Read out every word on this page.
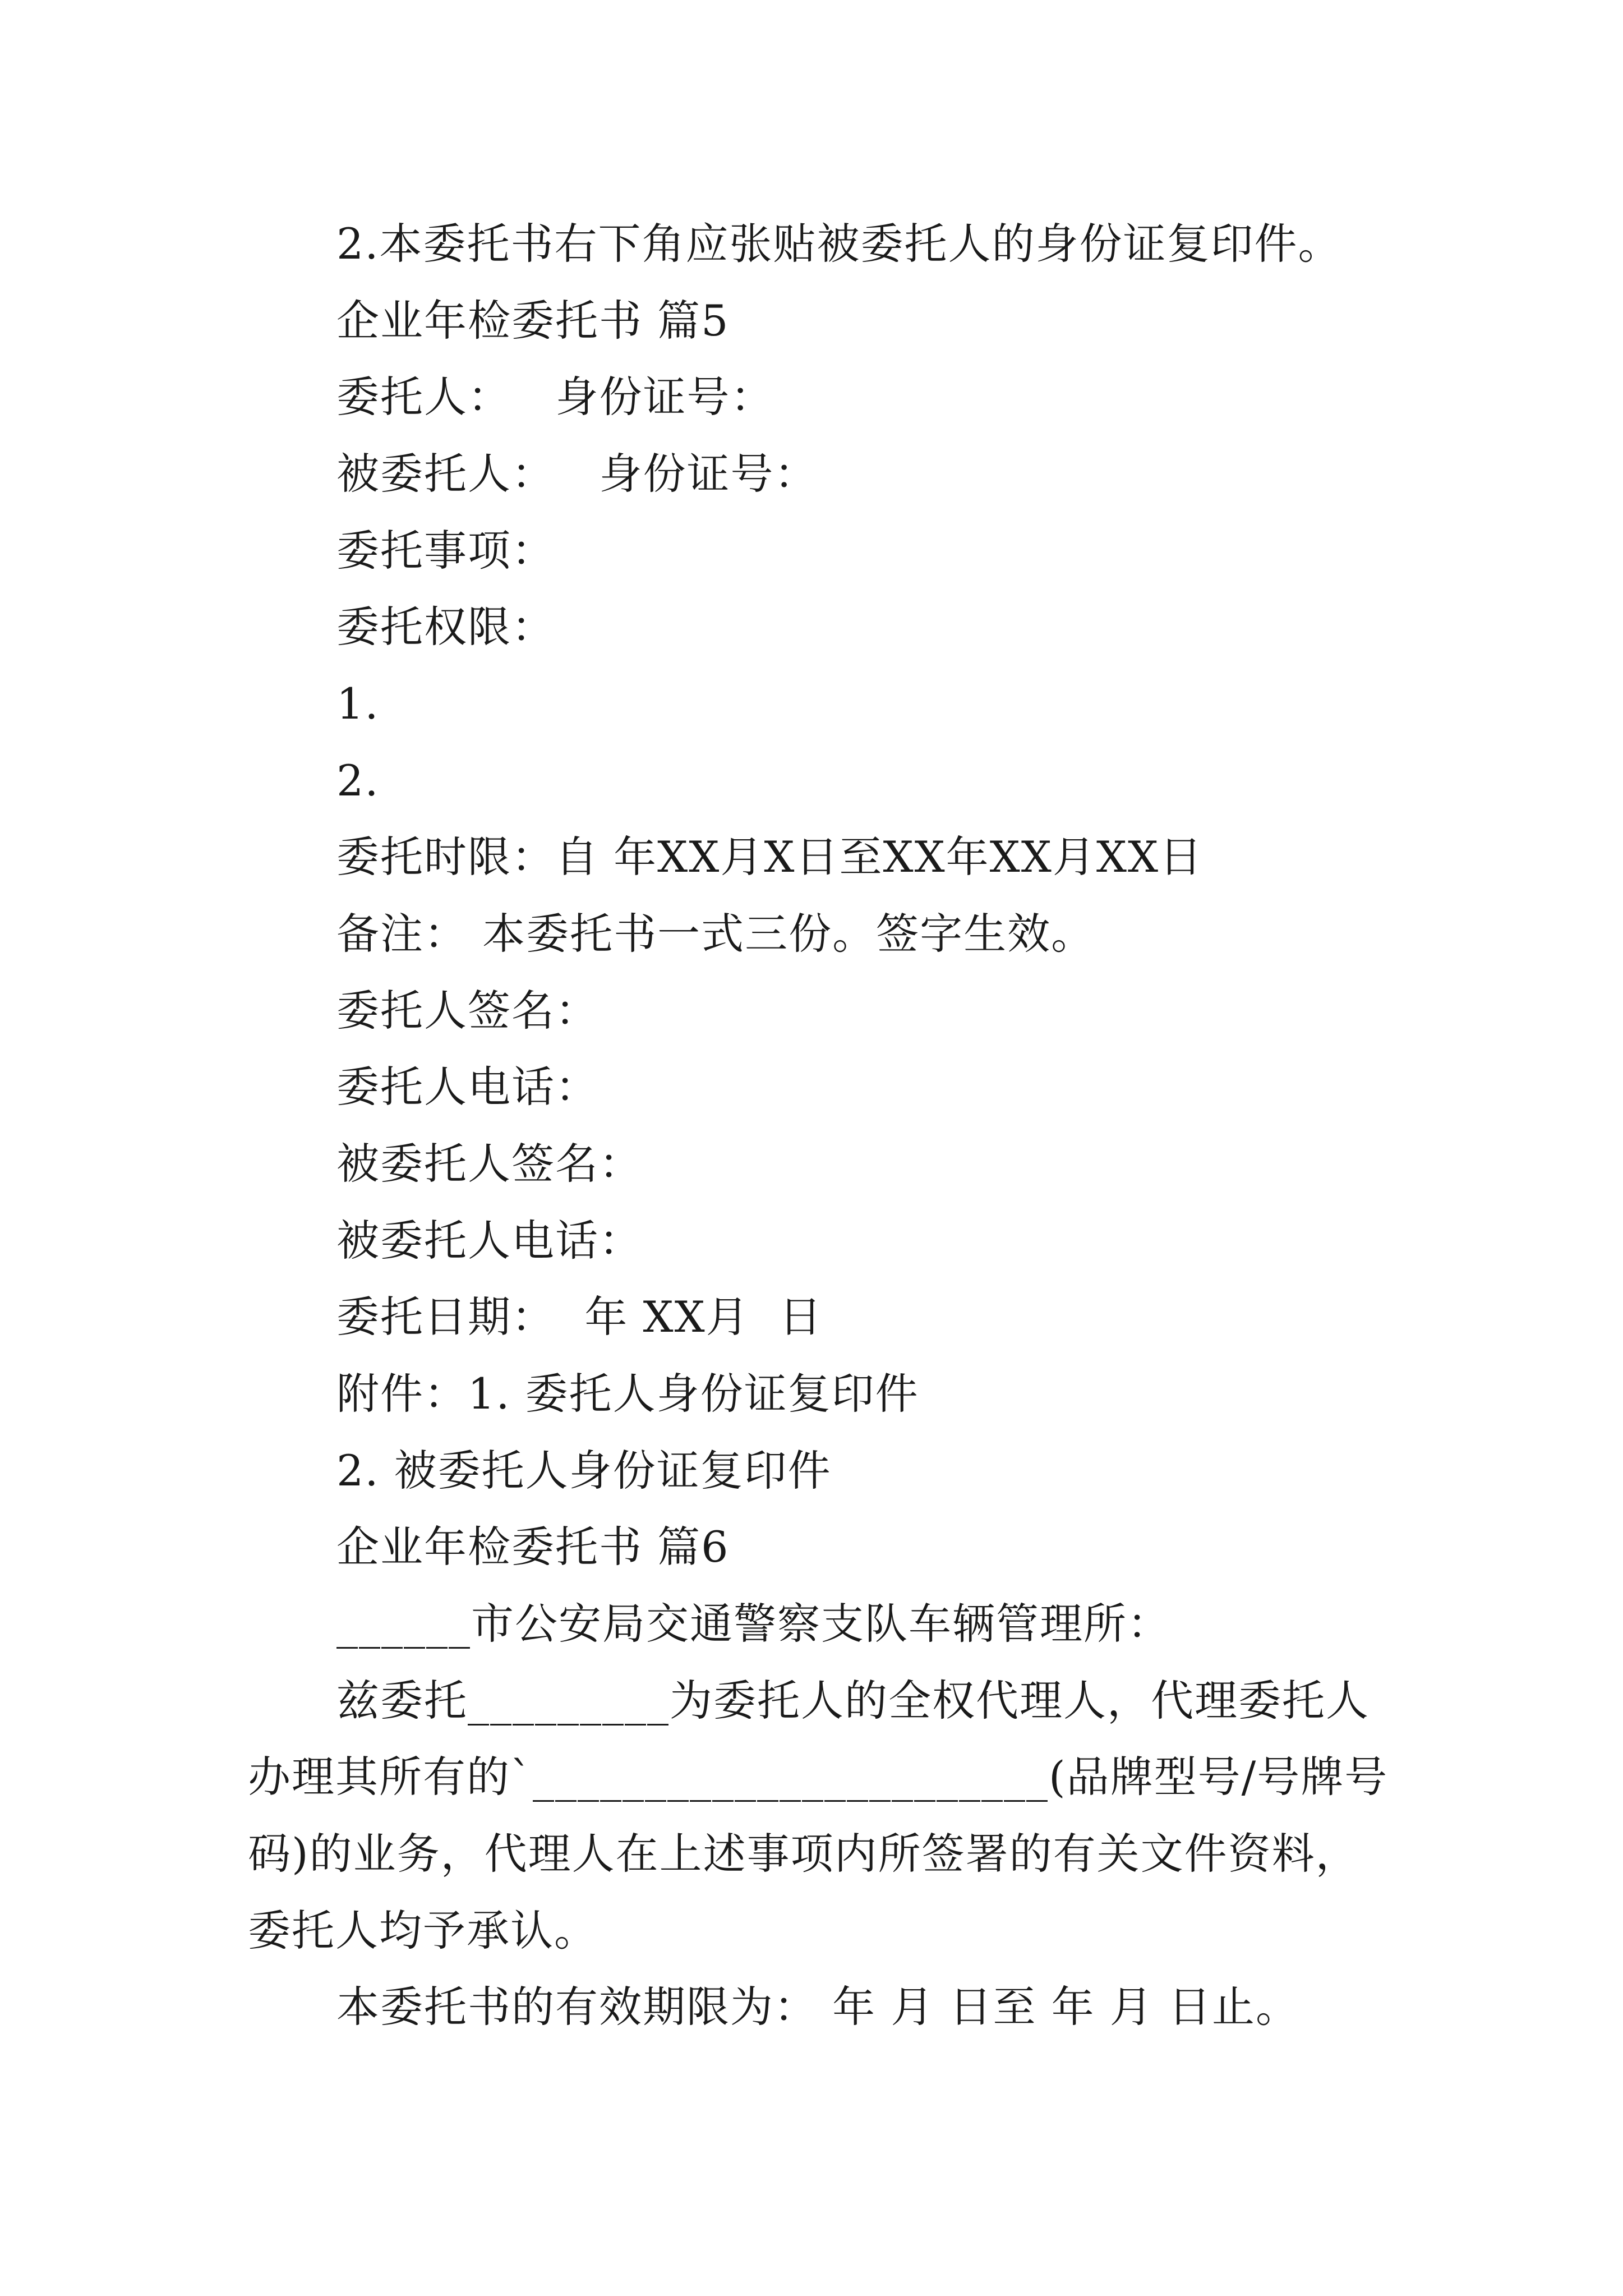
2.本委托书右下角应张贴被委托人的身份证复印件。
企业年检委托书 篇5
委托人：   身份证号：
被委托人：   身份证号：
委托事项：
委托权限：
1.
2.
委托时限：自 年XX月X日至XX年XX月XX日
备注： 本委托书一式三份。签字生效。
委托人签名：
委托人电话：
被委托人签名：
被委托人电话：
委托日期：  年 XX月  日
附件：1. 委托人身份证复印件
2. 被委托人身份证复印件
企业年检委托书 篇6
______市公安局交通警察支队车辆管理所：
兹委托_________为委托人的全权代理人，代理委托人
办理其所有的`_______________________(品牌型号/号牌号
码)的业务，代理人在上述事项内所签署的有关文件资料，
委托人均予承认。
本委托书的有效期限为： 年 月 日至 年 月 日止。
